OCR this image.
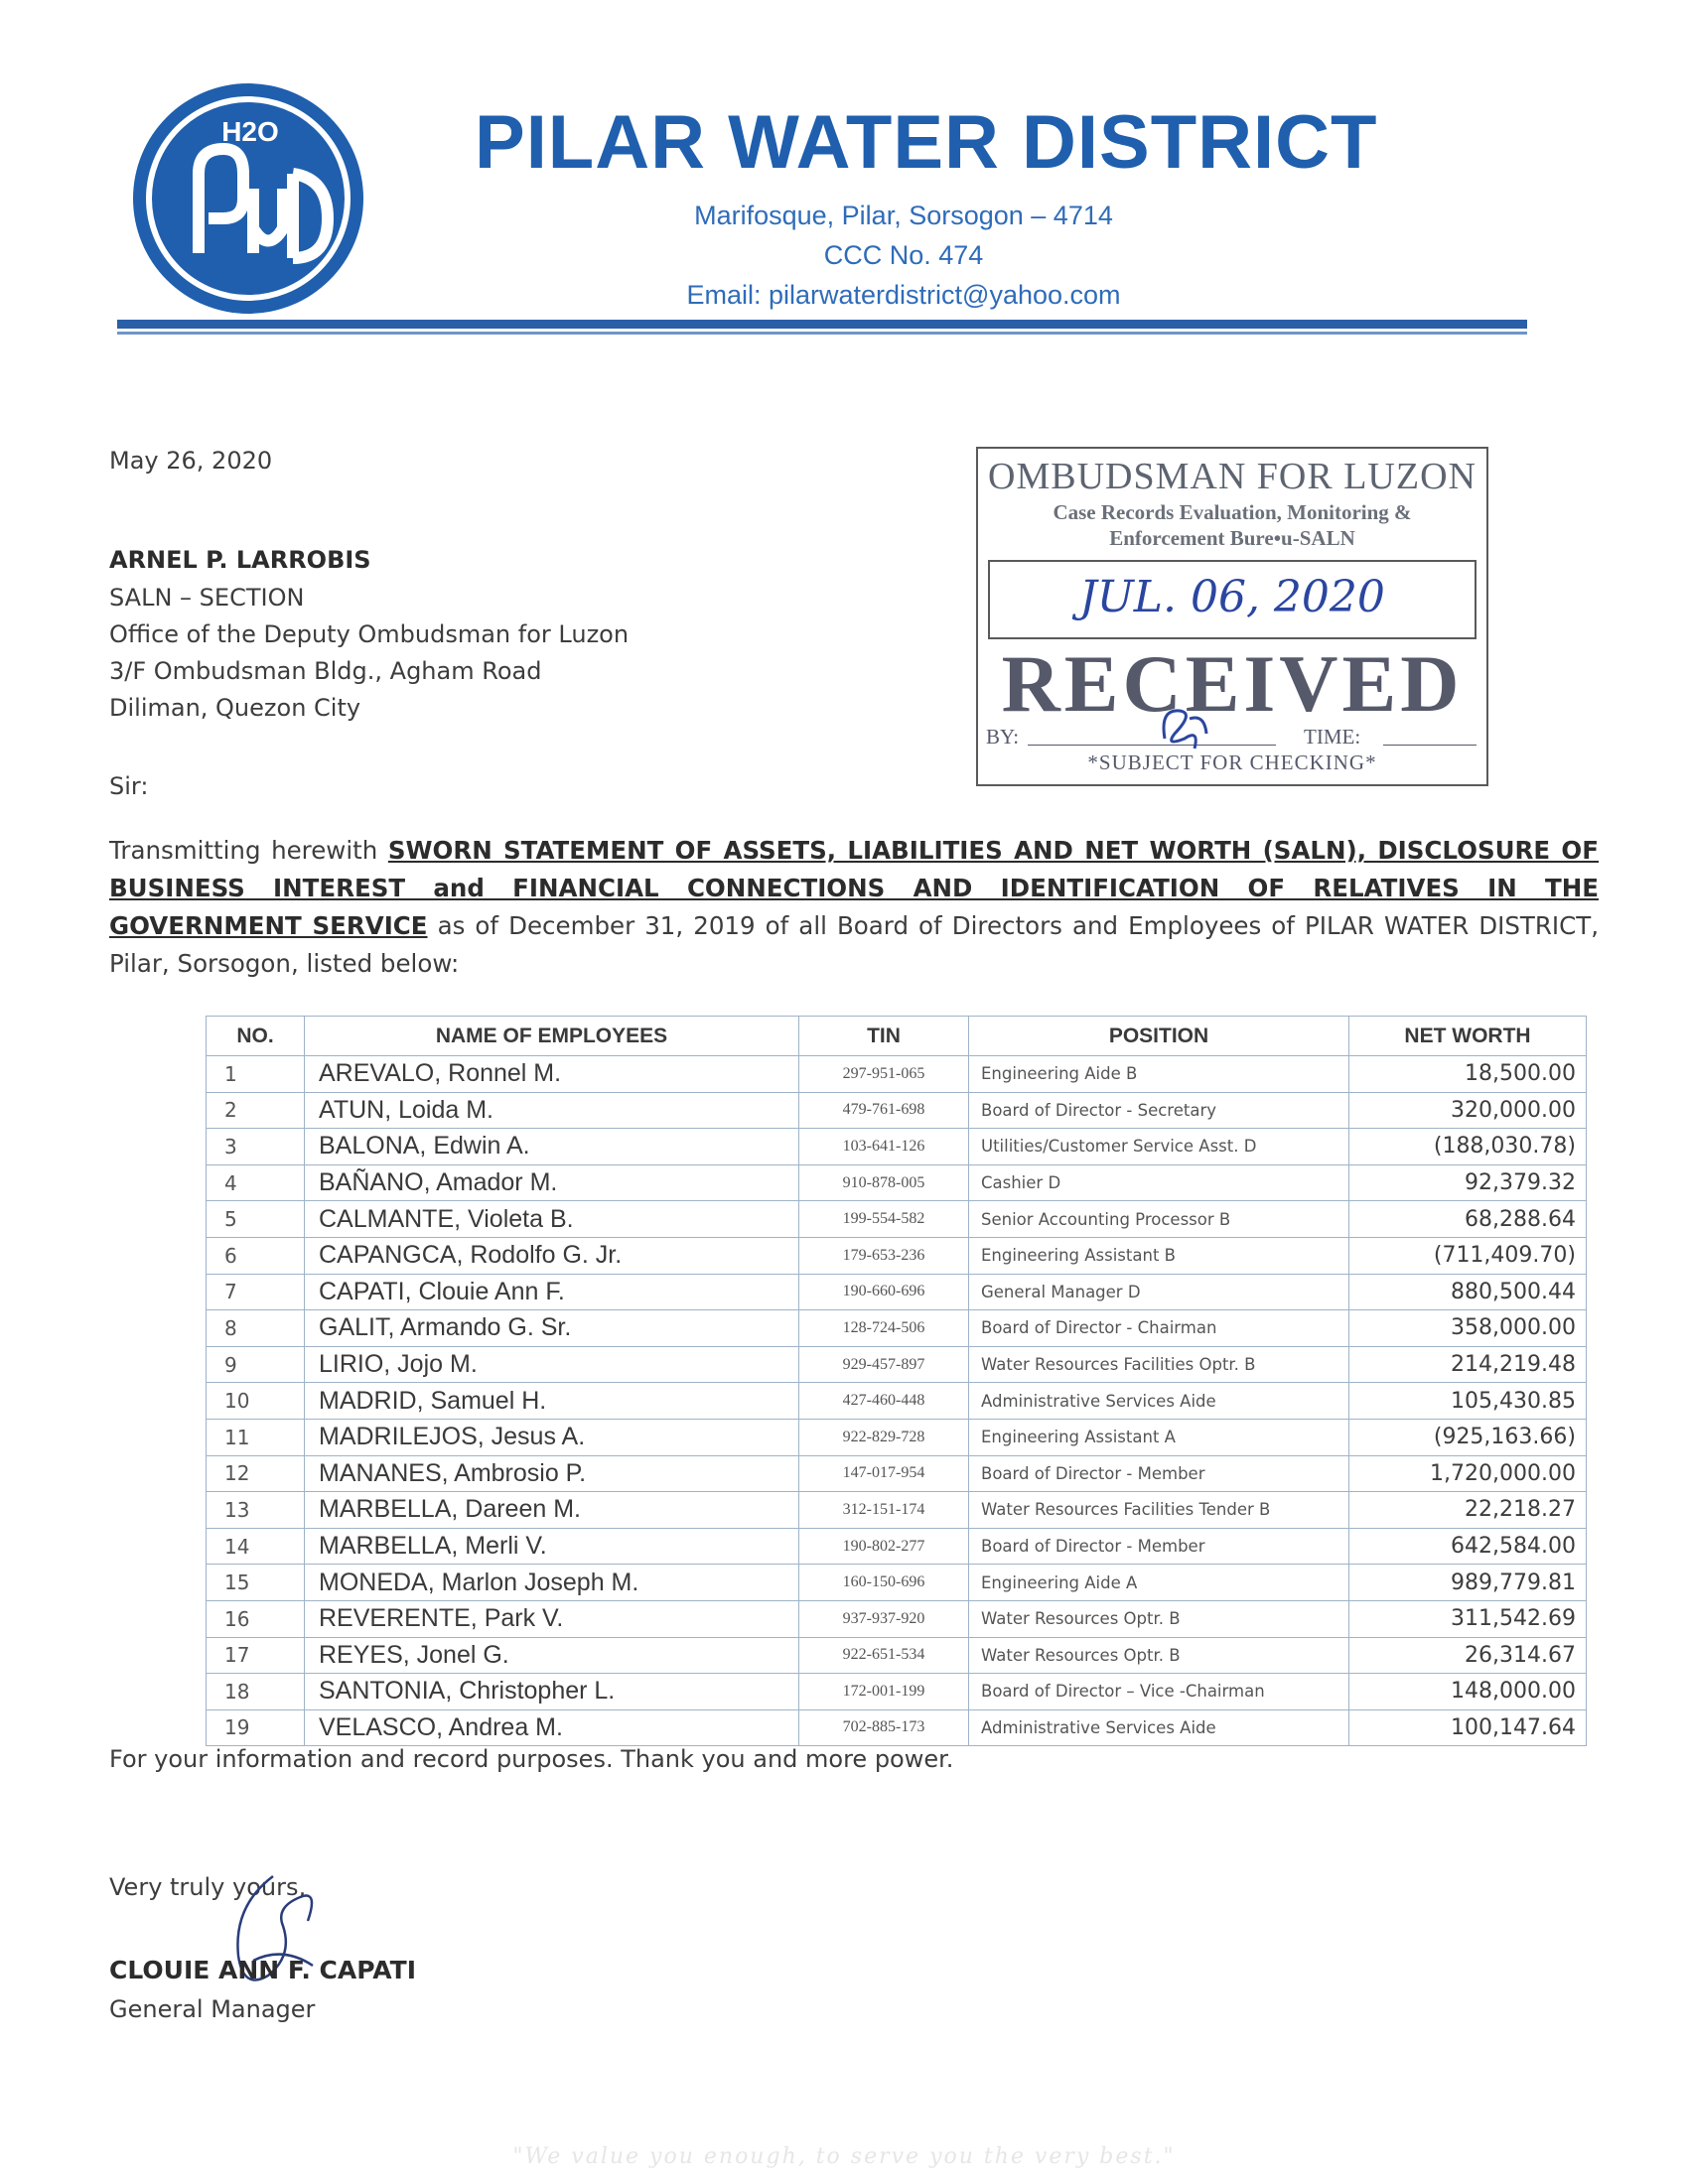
H2O	PILAR WATER DISTRICT
Marifosque, Pilar, Sorsogon – 4714
CCC No. 474
Email: pilarwaterdistrict@yahoo.com
May 26, 2020
ARNEL P. LARROBIS
SALN – SECTION
Office of the Deputy Ombudsman for Luzon
3/F Ombudsman Bldg., Agham Road
Diliman, Quezon City
OMBUDSMAN FOR LUZON
Case Records Evaluation, Monitoring &
Enforcement Bure•u-SALN
JUL. 06, 2020
RECEIVED
BY:	TIME:
*SUBJECT FOR CHECKING*
Sir:
Transmitting herewith SWORN STATEMENT OF ASSETS, LIABILITIES AND NET WORTH (SALN), DISCLOSURE OF BUSINESS INTEREST and FINANCIAL CONNECTIONS AND IDENTIFICATION OF RELATIVES IN THE GOVERNMENT SERVICE as of December 31, 2019 of all Board of Directors and Employees of PILAR WATER DISTRICT, Pilar, Sorsogon, listed below:
NO.	NAME OF EMPLOYEES	TIN	POSITION	NET WORTH
1	AREVALO, Ronnel M.	297-951-065	Engineering Aide B	18,500.00
2	ATUN, Loida M.	479-761-698	Board of Director - Secretary	320,000.00
3	BALONA, Edwin A.	103-641-126	Utilities/Customer Service Asst. D	(188,030.78)
4	BAÑANO, Amador M.	910-878-005	Cashier D	92,379.32
5	CALMANTE, Violeta B.	199-554-582	Senior Accounting Processor B	68,288.64
6	CAPANGCA, Rodolfo G. Jr.	179-653-236	Engineering Assistant B	(711,409.70)
7	CAPATI, Clouie Ann F.	190-660-696	General Manager D	880,500.44
8	GALIT, Armando G. Sr.	128-724-506	Board of Director - Chairman	358,000.00
9	LIRIO, Jojo M.	929-457-897	Water Resources Facilities Optr. B	214,219.48
10	MADRID, Samuel H.	427-460-448	Administrative Services Aide	105,430.85
11	MADRILEJOS, Jesus A.	922-829-728	Engineering Assistant A	(925,163.66)
12	MANANES, Ambrosio P.	147-017-954	Board of Director - Member	1,720,000.00
13	MARBELLA, Dareen M.	312-151-174	Water Resources Facilities Tender B	22,218.27
14	MARBELLA, Merli V.	190-802-277	Board of Director - Member	642,584.00
15	MONEDA, Marlon Joseph M.	160-150-696	Engineering Aide A	989,779.81
16	REVERENTE, Park V.	937-937-920	Water Resources Optr. B	311,542.69
17	REYES, Jonel G.	922-651-534	Water Resources Optr. B	26,314.67
18	SANTONIA, Christopher L.	172-001-199	Board of Director – Vice -Chairman	148,000.00
19	VELASCO, Andrea M.	702-885-173	Administrative Services Aide	100,147.64
For your information and record purposes. Thank you and more power.
Very truly yours,
CLOUIE ANN F. CAPATI
General Manager
"We value you enough, to serve you the very best."
